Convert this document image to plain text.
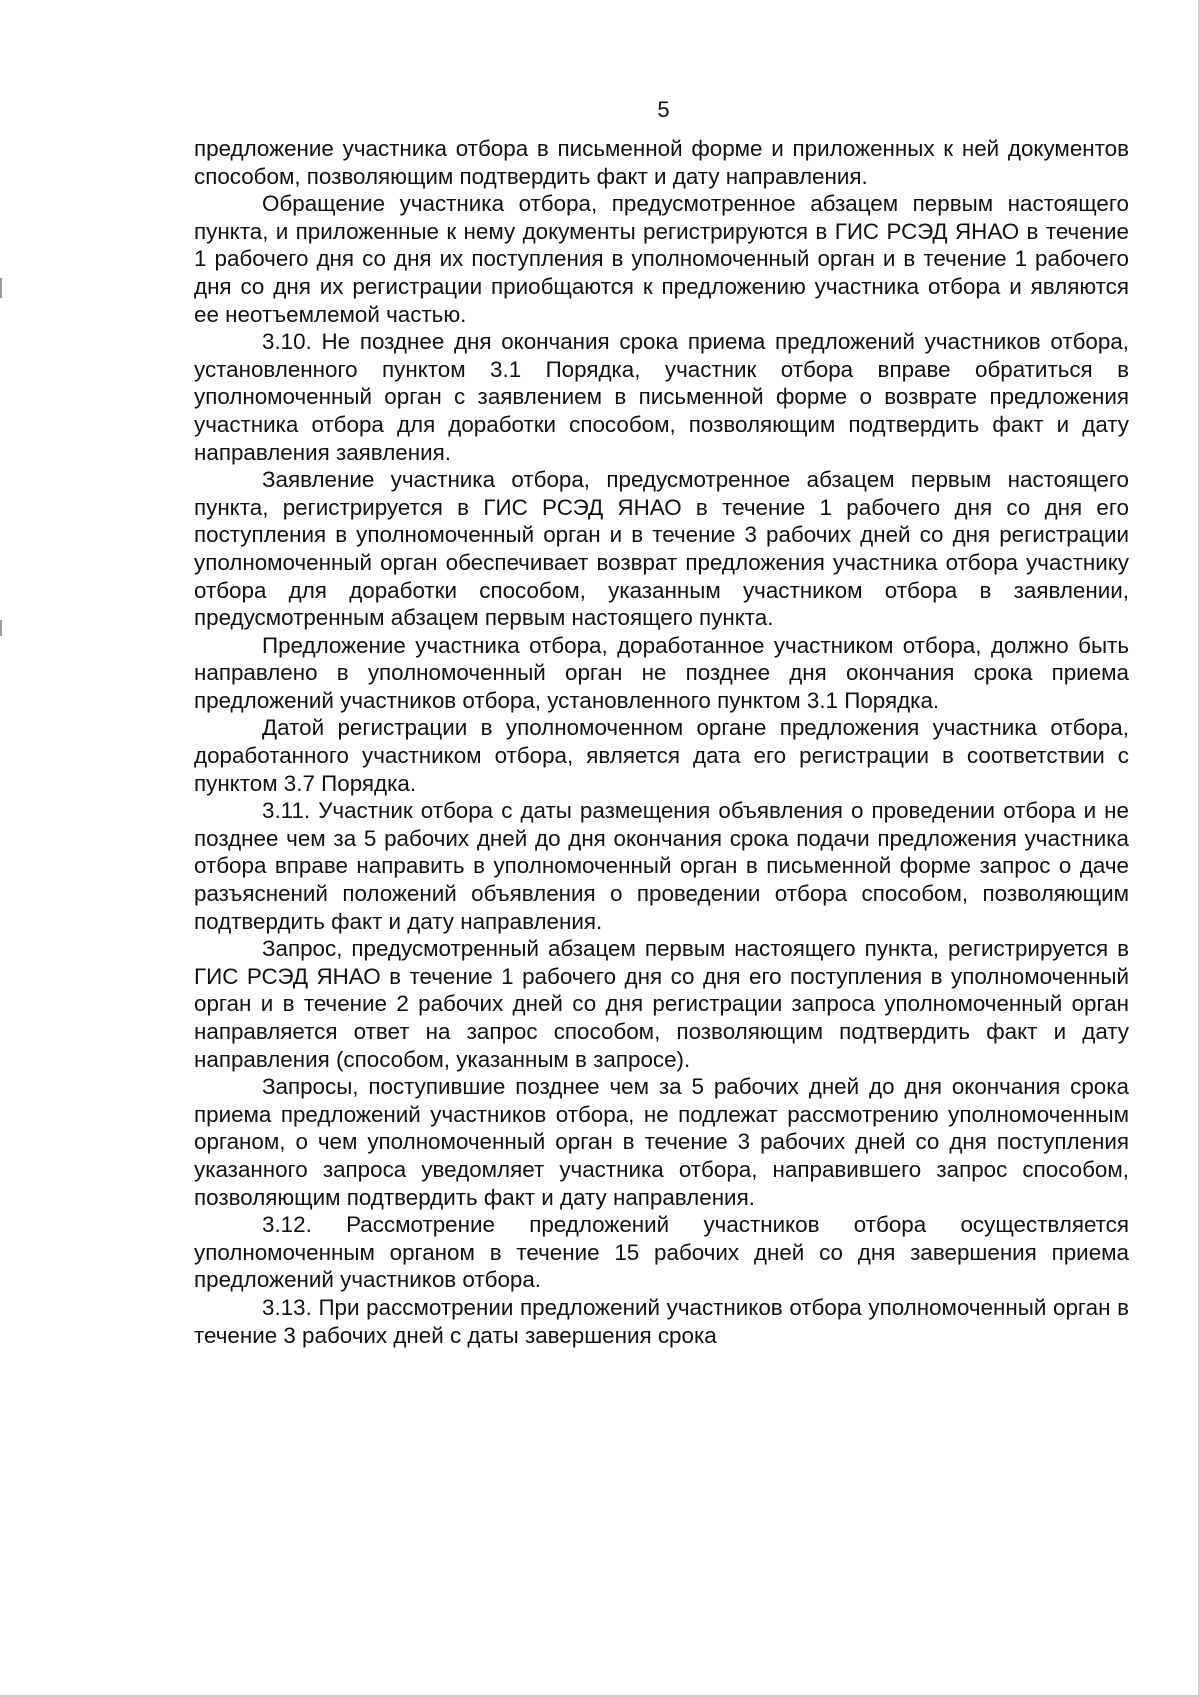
5

предложение участника отбора в письменной форме и приложенных к ней документов способом, позволяющим подтвердить факт и дату направления.

Обращение участника отбора, предусмотренное абзацем первым настоящего пункта, и приложенные к нему документы регистрируются в ГИС РСЭД ЯНАО в течение 1 рабочего дня со дня их поступления в уполномоченный орган и в течение 1 рабочего дня со дня их регистрации приобщаются к предложению участника отбора и являются ее неотъемлемой частью.

3.10. Не позднее дня окончания срока приема предложений участников отбора, установленного пунктом 3.1 Порядка, участник отбора вправе обратиться в уполномоченный орган с заявлением в письменной форме о возврате предложения участника отбора для доработки способом, позволяющим подтвердить факт и дату направления заявления.

Заявление участника отбора, предусмотренное абзацем первым настоящего пункта, регистрируется в ГИС РСЭД ЯНАО в течение 1 рабочего дня со дня его поступления в уполномоченный орган и в течение 3 рабочих дней со дня регистрации уполномоченный орган обеспечивает возврат предложения участника отбора участнику отбора для доработки способом, указанным участником отбора в заявлении, предусмотренным абзацем первым настоящего пункта.

Предложение участника отбора, доработанное участником отбора, должно быть направлено в уполномоченный орган не позднее дня окончания срока приема предложений участников отбора, установленного пунктом 3.1 Порядка.

Датой регистрации в уполномоченном органе предложения участника отбора, доработанного участником отбора, является дата его регистрации в соответствии с пунктом 3.7 Порядка.

3.11. Участник отбора с даты размещения объявления о проведении отбора и не позднее чем за 5 рабочих дней до дня окончания срока подачи предложения участника отбора вправе направить в уполномоченный орган в письменной форме запрос о даче разъяснений положений объявления о проведении отбора способом, позволяющим подтвердить факт и дату направления.

Запрос, предусмотренный абзацем первым настоящего пункта, регистрируется в ГИС РСЭД ЯНАО в течение 1 рабочего дня со дня его поступления в уполномоченный орган и в течение 2 рабочих дней со дня регистрации запроса уполномоченный орган направляется ответ на запрос способом, позволяющим подтвердить факт и дату направления (способом, указанным в запросе).

Запросы, поступившие позднее чем за 5 рабочих дней до дня окончания срока приема предложений участников отбора, не подлежат рассмотрению уполномоченным органом, о чем уполномоченный орган в течение 3 рабочих дней со дня поступления указанного запроса уведомляет участника отбора, направившего запрос способом, позволяющим подтвердить факт и дату направления.

3.12. Рассмотрение предложений участников отбора осуществляется уполномоченным органом в течение 15 рабочих дней со дня завершения приема предложений участников отбора.

3.13. При рассмотрении предложений участников отбора уполномоченный орган в течение 3 рабочих дней с даты завершения срока
